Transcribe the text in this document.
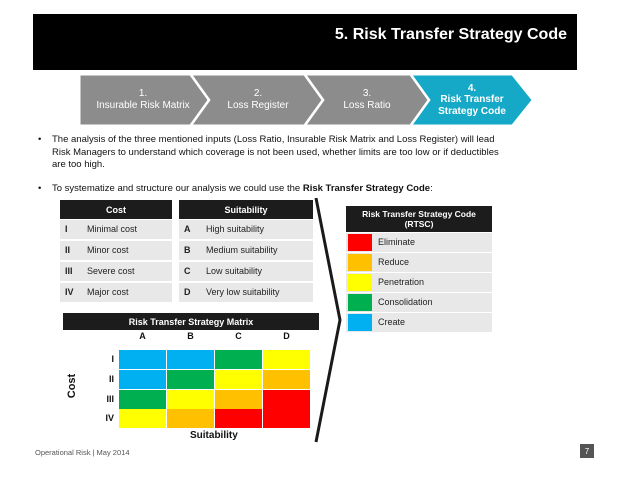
5. Risk Transfer Strategy Code
1.
Insurable Risk Matrix
2.
Loss Register
3.
Loss Ratio
4.
Risk Transfer
Strategy Code
•	The analysis of the three mentioned inputs (Loss Ratio, Insurable Risk Matrix and Loss Register) will lead
Risk Managers to understand which coverage is not been used, whether limits are too low or if deductibles
are too high.
•	To systematize and structure our analysis we could use the Risk Transfer Strategy Code:
Cost
I Minimal cost
II Minor cost
III Severe cost
IV Major cost
Suitability
A High suitability
B Medium suitability
C Low suitability
D Very low suitability
Risk Transfer Strategy Code
(RTSC)
Eliminate
Reduce
Penetration
Consolidation
Create
Risk Transfer Strategy Matrix
A	B	C	D
I
II
III
IV
Cost
Suitability
Operational Risk | May 2014	7
